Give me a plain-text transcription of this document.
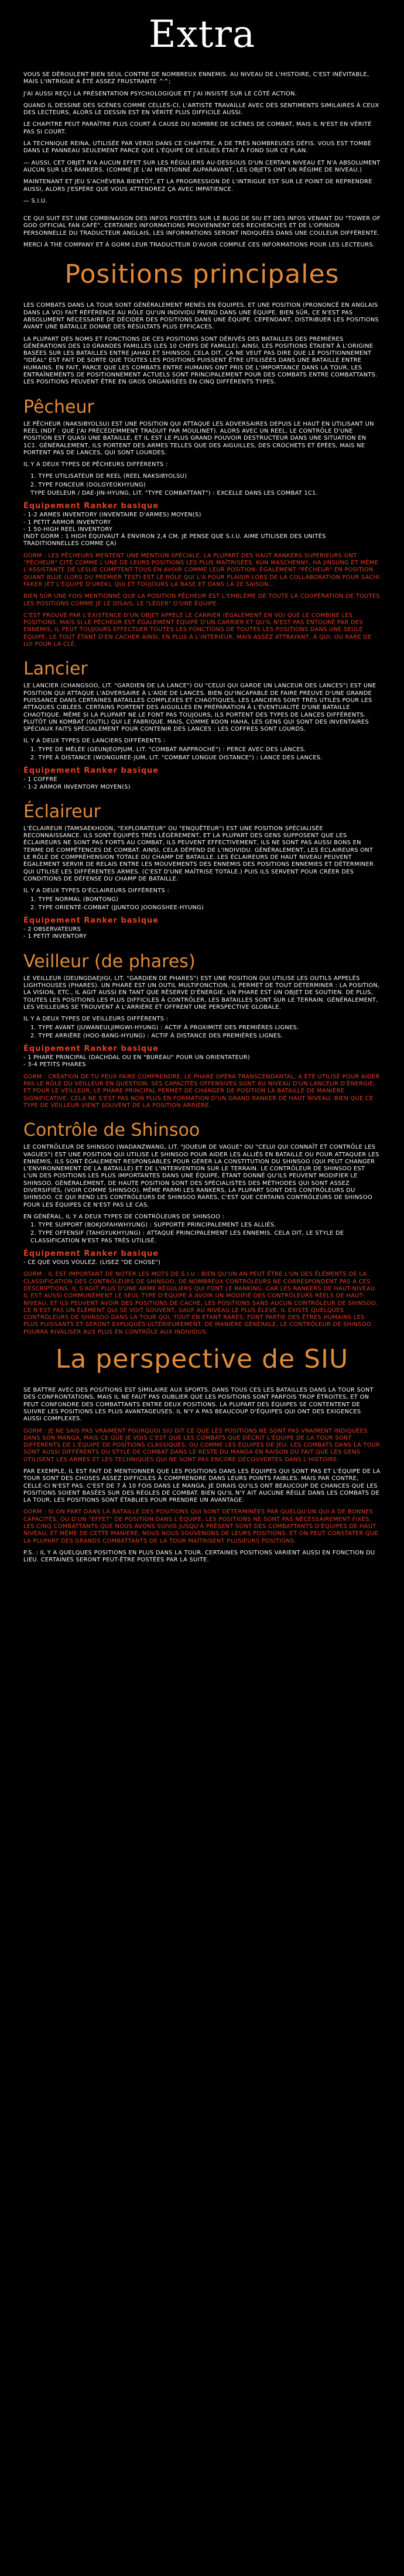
Extra

VOUS SE DÉROULENT BIEN SEUL CONTRE DE NOMBREUX ENNEMIS. AU NIVEAU DE L'HISTOIRE, C'EST INÉVITABLE, MAIS L'INTRIGUE A ÉTÉ ASSEZ FRUSTRANTE ^^;

J'AI AUSSI REÇU LA PRÉSENTATION PSYCHOLOGIQUE ET J'AI INSISTÉ SUR LE CÔTÉ ACTION.

QUAND IL DESSINE DES SCÈNES COMME CELLES-CI, L'ARTISTE TRAVAILLE AVEC DES SENTIMENTS SIMILAIRES À CEUX DES LECTEURS, ALORS LE DESSIN EST EN VÉRITÉ PLUS DIFFICILE AUSSI.

LE CHAPITRE PEUT PARAÎTRE PLUS COURT À CAUSE DU NOMBRE DE SCÈNES DE COMBAT, MAIS IL N'EST EN VÉRITÉ PAS SI COURT.

LA TECHNIQUE REINA, UTILISÉE PAR VERDI DANS CE CHAPITRE, A DE TRÈS NOMBREUSES DÉFIS. VOUS EST TOMBÉ DANS LE PANNEAU SEULEMENT PARCE QUE L'ÉQUIPE DE LESLIES ÉTAIT À FOND SUR CE PLAN.

— AUSSI, CET OBJET N'A AUCUN EFFET SUR LES RÉGULIERS AU-DESSOUS D'UN CERTAIN NIVEAU ET N'A ABSOLUMENT AUCUN SUR LES RANKERS. (COMME JE L'AI MENTIONNÉ AUPARAVANT, LES OBJETS ONT UN RÉGIME DE NIVEAU.)

MAINTENANT ET JEU S'ACHÈVERA BIENTÔT, ET LA PROGRESSION DE L'INTRIGUE EST SUR LE POINT DE REPRENDRE AUSSI, ALORS J'ESPÈRE QUE VOUS ATTENDREZ ÇA AVEC IMPATIENCE.

— S.I.U.

CE QUI SUIT EST UNE COMBINAISON DES INFOS POSTÉES SUR LE BLOG DE SIU ET DES INFOS VENANT DU "TOWER OF GOD OFFICIAL FAN CAFÉ". CERTAINES INFORMATIONS PROVIENNENT DES RECHERCHES ET DE L'OPINION PERSONNELLE DU TRADUCTEUR ANGLAIS, LES INFORMATIONS SERONT INDIQUÉES DANS UNE COULEUR DIFFÉRENTE.

MERCI À THE COMPANY ET À GORM LEUR TRADUCTEUR D'AVOIR COMPILÉ CES INFORMATIONS POUR LES LECTEURS.

Positions principales

LES COMBATS DANS LA TOUR SONT GÉNÉRALEMENT MENÉS EN ÉQUIPES, ET UNE POSITION (PRONONCÉ EN ANGLAIS DANS LA VO) FAIT RÉFÉRENCE AU RÔLE QU'UN INDIVIDU PREND DANS UNE ÉQUIPE. BIEN SÛR, CE N'EST PAS ABSOLUMENT NÉCESSAIRE DE DÉCIDER DES POSITIONS DANS UNE ÉQUIPE. CEPENDANT, DISTRIBUER LES POSITIONS AVANT UNE BATAILLE DONNE DES RÉSULTATS PLUS EFFICACES.

LA PLUPART DES NOMS ET FONCTIONS DE CES POSITIONS SONT DÉRIVÉS DES BATAILLES DES PREMIÈRES GÉNÉRATIONS DES 10 GRANDES FAMILLES (LES 10 CHEFS DE FAMILLE). AINSI, LES POSITIONS ÉTAIENT À L'ORIGINE BASÉES SUR LES BATAILLES ENTRE JAHAD ET SHINSOO. CELA DIT, ÇA NE VEUT PAS DIRE QUE LE POSITIONNEMENT "IDÉAL" EST FAIT DE SORTE QUE TOUTES LES POSITIONS PUISSENT ÊTRE UTILISÉES DANS UNE BATAILLE ENTRE HUMAINS. EN FAIT, PARCE QUE LES COMBATS ENTRE HUMAINS ONT PRIS DE L'IMPORTANCE DANS LA TOUR, LES ENTRAÎNEMENTS DE POSITIONNEMENT ACTUELS SONT PRINCIPALEMENT POUR DES COMBATS ENTRE COMBATTANTS. LES POSITIONS PEUVENT ÊTRE EN GROS ORGANISÉES EN CINQ DIFFÉRENTS TYPES.

Pêcheur

LE PÊCHEUR (NAKSIBYOLSU) EST UNE POSITION QUI ATTAQUE LES ADVERSAIRES DEPUIS LE HAUT EN UTILISANT UN REEL (NDT : QUE J'AI PRÉCÉDEMMENT TRADUIT PAR MOULINET). ALORS AVEC UN REEL, LE CONTRÔLE D'UNE POSITION EST QUASI UNE BATAILLE, ET IL EST LE PLUS GRAND POUVOIR DESTRUCTEUR DANS UNE SITUATION EN 1C1. GÉNÉRALEMENT, ILS PORTENT DES ARMES TELLES QUE DES AIGUILLES, DES CROCHETS ET ÉPÉES, MAIS NE PORTENT PAS DE LANCES, QUI SONT LOURDES.

IL Y A DEUX TYPES DE PÊCHEURS DIFFÉRENTS :

1. TYPE UTILISATEUR DE REEL (REEL NAKSIBYOLSU)

2. TYPE FONCEUR (DOLGYEOKHYUNG)

TYPE DUELEUR / DAE-JIN-HYUNG, LIT. "TYPE COMBATTANT") : EXCELLE DANS LES COMBAT 1C1.

Équipement Ranker basique

- 1-2 ARMES INVENTORY (INVENTAIRE D'ARMES) MOYEN(S)

- 1 PETIT ARMOR INVENTORY

- 1 50-HIGH REEL INVENTORY

(NDT GORM : 1 HIGH ÉQUIVAUT À ENVIRON 2,4 CM. JE PENSE QUE S.I.U. AIME UTILISER DES UNITÉS TRADITIONNELLES COMME ÇA)

GORM : LES PÊCHEURS MENTENT UNE MENTION SPÉCIALE. LA PLUPART DES HAUT RANKERS SUPÉRIEURS ONT "PÊCHEUR" CITÉ COMME L'UNE DE LEURS POSITIONS LES PLUS MAÎTRISÉES. KUN MASCHENNY, HA JINSUNG ET MÊME L'ASSISTANTE DE LESLIE COMPTENT TOUS EN AVOIR COMME LEUR POSITION. ÉGALEMENT "PÊCHEUR" EN POSITION QUANT BLUE (LORS DU PREMIER TEST) EST LE RÔLE QUI L'A POUR PLAISIR LORS DE LA COLLABORATION POUR SACHI FAKER (ET L'ÉQUIPE D'UREK), QUI ET TOUJOURS LA BASE ET DANS LA 2E SAISON...

BIEN SÛR UNE FOIS MENTIONNÉ QUE LA POSITION PÊCHEUR EST L'EMBLÈME DE TOUTE LA COOPÉRATION DE TOUTES LES POSITIONS COMME JE LE DISAIS, LE "LÉGER" D'UNE ÉQUIPE.

C'EST PROUVÉ PAR L'EXISTENCE D'UN OBJET APPELÉ LE CARRIER (ÉGALEMENT EN VO) QUE LE COMBINE LES POSITIONS. MAIS SI LE PÊCHEUR EST ÉGALEMENT ÉQUIPÉ D'UN CARRIER ET QU'IL N'EST PAS ENTOURÉ PAR DES ENNEMIS, IL PEUT TOUJOURS EFFECTUER TOUTES LES FONCTIONS DE TOUTES LES POSITIONS DANS UNE SEULE ÉQUIPE. LE TOUT ÉTANT D'EN CACHER AINSI, EN PLUS À L'INTÉRIEUR, MAIS ASSEZ ATTRAYANT, À QUI, OU RARE DE LUI POUR LA CLÉ.

Lancier

LE LANCIER (CHANGSOO, LIT. "GARDIEN DE LA LANCE") OU "CELUI QUI GARDE UN LANCEUR DES LANCES") EST UNE POSITION QUI ATTAQUE L'ADVERSAIRE À L'AIDE DE LANCES. BIEN QU'INCAPABLE DE FAIRE PREUVE D'UNE GRANDE PUISSANCE DANS CERTAINES BATAILLES COMPLEXES ET CHAOTIQUES, LES LANCIERS SONT TRÈS UTILES POUR LES ATTAQUES CIBLÉES. CERTAINS PORTENT DES AIGUILLES EN PRÉPARATION À L'ÉVENTUALITÉ D'UNE BATAILLE CHAOTIQUE. MÊME SI LA PLUPART NE LE FONT PAS TOUJOURS, ILS PORTENT DES TYPES DE LANCES DIFFÉRENTS. PLUTÔT UN KOMBAT (OUTIL) QUI LE FABRIQUE. MAIS, COMME KOON HAHA, LES GENS QUI SONT DES INVENTAIRES SPÉCIAUX FAITS SPÉCIALEMENT POUR CONTENIR DES LANCES : LES COFFRES SONT LOURDS.

IL Y A DEUX TYPES DE LANCIERS DIFFÉRENTS :

1. TYPE DE MÊLÉE (GEUNJEOPJUM, LIT. "COMBAT RAPPROCHÉ") : PERCE AVEC DES LANCES.

2. TYPE À DISTANCE (WONGUREE-JUM, LIT. "COMBAT LONGUE DISTANCE") : LANCE DES LANCES.

Équipement Ranker basique

- 1 COFFRE

- 1-2 ARMOR INVENTORY MOYEN(S)

Éclaireur

L'ÉCLAIREUR (TAMSAEKHOON, "EXPLORATEUR" OU "ENQUÊTEUR") EST UNE POSITION SPÉCIALISÉE RECONNAISSANCE. ILS SONT ÉQUIPÉS TRÈS LÉGÈREMENT, ET LA PLUPART DES GENS SUPPOSENT QUE LES ÉCLAIREURS NE SONT PAS FORTS AU COMBAT, ILS PEUVENT EFFECTIVEMENT, ILS NE SONT PAS AUSSI BONS EN TERME DE COMPÉTENCES DE COMBAT. AINSI, CELA DÉPEND DE L'INDIVIDU. GÉNÉRALEMENT, LES ÉCLAIREURS ONT LE RÔLE DE COMPRÉHENSION TOTALE DU CHAMP DE BATAILLE. LES ÉCLAIREURS DE HAUT NIVEAU PEUVENT ÉGALEMENT SERVIR DE RELAIS ENTRE LES MOUVEMENTS DES ENNEMIS DES POSITIONS ENNEMIES ET DÉTERMINER QUI UTILISE LES DIFFÉRENTES ARMES. (C'EST D'UNE MAÎTRISE TOTALE.) PUIS ILS SERVENT POUR CRÉER DES CONDITIONS DE DÉFENSE DU CHAMP DE BATAILLE.

IL Y A DEUX TYPES D'ÉCLAIREURS DIFFÉRENTS :

1. TYPE NORMAL (BONTONG)

2. TYPE ORIENTÉ-COMBAT (JJUNTOO JOONGSHEE-HYUNG)

Équipement Ranker basique

- 2 OBSERVATEURS

- 1 PETIT INVENTORY

Veilleur (de phares)

LE VEILLEUR (DEUNGDAEJIGI, LIT. "GARDIEN DE PHARES") EST UNE POSITION QUI UTILISE LES OUTILS APPELÉS LIGHTHOUSES (PHARES). UN PHARE EST UN OUTIL MULTIFONCTION, IL PERMET DE TOUT DÉTERMINER : LA POSITION, LA VISION, ETC., IL AGIT AUSSI EN TANT QUE RÉSERVE D'ÉNERGIE. UN PHARE EST UN OBJET DE SOUTIEN. DE PLUS, TOUTES LES POSITIONS LES PLUS DIFFICILES À CONTRÔLER, LES BATAILLES SONT SUR LE TERRAIN. GÉNÉRALEMENT, LES VEILLEURS SE TROUVENT À L'ARRIÈRE ET OFFRENT UNE PERSPECTIVE GLOBALE.

IL Y A DEUX TYPES DE VEILLEURS DIFFÉRENTS :

1. TYPE AVANT (JUWANEULJIMGWI-HYUNG) : ACTIF À PROXIMITÉ DES PREMIÈRES LIGNES.

2. TYPE ARRIÈRE (HOO-BANG-HYUNG) : ACTIF À DISTANCE DES PREMIÈRES LIGNES.

Équipement Ranker basique

- 1 PHARE PRINCIPAL (DACHDAL OU EN "BUREAU" POUR UN ORIENTATEUR)

- 3-4 PETITS PHARES

GORM : CRÉATION DE TU PEUX FAIRE COMPRENDRE, LE PHARE OPÉRA TRANSCENDANTAL, A ÉTÉ UTILISÉ POUR AIDER PAS LE RÔLE DU VEILLEUR EN QUESTION. SES CAPACITÉS OFFENSIVES SONT AU NIVEAU D'UN LANCEUR D'ÉNERGIE, ET POUR LE VEILLEUR, LE PHARE PRINCIPAL PERMET DE CHANGER DE POSITION LA BATAILLE DE MANIÈRE SIGNIFICATIVE. CELA NE S'EST PAS NON PLUS EN FORMATION D'UN GRAND RANKER DE HAUT NIVEAU. BIEN QUE CE TYPE DE VEILLEUR VIENT SOUVENT DE LA POSITION ARRIÈRE.

Contrôle de Shinsoo

LE CONTRÔLEUR DE SHINSOO (WADANZWANG, LIT. "JOUEUR DE VAGUE" OU "CELUI QUI CONNAÎT ET CONTRÔLE LES VAGUES") EST UNE POSITION QUI UTILISE LE SHINSOO POUR AIDER LES ALLIÉS EN BATAILLE OU POUR ATTAQUER LES ENNEMIS. ILS SONT ÉGALEMENT RESPONSABLES POUR GÉRER LA CONSTITUTION DU SHINSOO (QUI PEUT CHANGER L'ENVIRONNEMENT DE LA BATAILLE) ET DE L'INTERVENTION SUR LE TERRAIN. LE CONTRÔLEUR DE SHINSOO EST L'UN DES POSITIONS LES PLUS IMPORTANTES DANS UNE ÉQUIPE, ÉTANT DONNÉ QU'ILS PEUVENT MODIFIER LE SHINSOO. GÉNÉRALEMENT, DE HAUTE POSITION SONT DES SPÉCIALISTES DES MÉTHODES QUI SONT ASSEZ DIVERSIFIÉS, (VOIR COMME SHINSOO). MÊME PARMI LES RANKERS, LA PLUPART SONT DES CONTRÔLEURS DU SHINSOO. CE QUI REND LES CONTRÔLEURS DE SHINSOO RARES, C'EST QUE CERTAINS CONTRÔLEURS DE SHINSOO POUR LES ÉQUIPES CE N'EST PAS LE CAS.

EN GÉNÉRAL, IL Y A DEUX TYPES DE CONTRÔLEURS DE SHINSOO :

1. TYPE SUPPORT (BOKJOFAHWHYUNG) : SUPPORTE PRINCIPALEMENT LES ALLIÉS.

2. TYPE OFFENSIF (TAHGYUKHYUNG) : ATTAQUE PRINCIPALEMENT LES ENNEMIS. CELA DIT, LE STYLE DE CLASSIFICATION N'EST PAS TRÈS UTILISÉ.

Équipement Ranker basique

- CE QUE VOUS VOULEZ. (LISEZ "DE CHOSE")

GORM : IL EST IMPORTANT DE NOTER LES MOTS DE S.I.U : BIEN QU'UN AN PEUT ÊTRE L'UN DES ÉLÉMENTS DE LA CLASSIFICATION DES CONTRÔLEURS DE SHINSOO, DE NOMBREUX CONTRÔLEURS NE CORRESPONDENT PAS À CES DESCRIPTIONS. IL S'AGIT PLUS D'UNE ARME RÉGULIERS QUI FONT LE RANKING, CAR LES RANKERS DE HAUT-NIVEAU. IL EST AUSSI COMMUNÉMENT LE SEUL TYPE D'ÉQUIPE À AVOIR UN MODIFIÉ DES CONTRÔLEURS RÉELS DE HAUT-NIVEAU, ET ILS PEUVENT AVOIR DES POSITIONS DE CACHE, LES POSITIONS SANS AUCUN CONTRÔLEUR DE SHINSOO. CE N'EST PAS UN ÉLÉMENT QUI SE VOIT SOUVENT, SAUF AU NIVEAU LE PLUS ÉLEVÉ. IL EXISTE QUELQUES CONTRÔLEURS DE SHINSOO DANS LA TOUR QUI, TOUT EN ÉTANT RARES, FONT PARTIE DES ÊTRES HUMAINS LES PLUS PUISSANTS ET SERONT EXPLIQUÉS ULTÉRIEUREMENT. DE MANIÈRE GÉNÉRALE, LE CONTRÔLEUR DE SHINSOO POURRA RIVALISER AUX PLUS EN CONTRÔLE AUX INDIVIDUS.

La perspective de SIU

SE BATTRE AVEC DES POSITIONS EST SIMILAIRE AUX SPORTS. DANS TOUS CES LES BATAILLES DANS LA TOUR SONT DES CONFRONTATIONS, MAIS IL NE FAUT PAS OUBLIER QUE LES POSITIONS SONT PARFOIS TROP ÉTROITES, ET ON PEUT CONFONDRE DES COMBATTANTS ENTRE DEUX POSITIONS. LA PLUPART DES ÉQUIPES SE CONTENTENT DE SUIVRE LES POSITIONS LES PLUS AVANTAGEUSES. IL N'Y A PAS BEAUCOUP D'ÉQUIPES QUI ONT DES EXIGENCES AUSSI COMPLEXES.

GORM : JE NE SAIS PAS VRAIMENT POURQUOI SIU DIT CE QUE LES POSITIONS NE SONT PAS VRAIMENT INDIQUÉES DANS SON MANGA, MAIS CE QUE JE VOIS C'EST QUE LES COMBATS QUE DÉCRIT L'ÉQUIPE DE LA TOUR SONT DIFFÉRENTS DE L'ÉQUIPE DE POSITIONS CLASSIQUES, OU COMME LES ÉQUIPES DE JEU. LES COMBATS DANS LA TOUR SONT AUSSI DIFFÉRENTS DU STYLE DE COMBAT DANS LE RESTE DU MANGA EN RAISON DU FAIT QUE LES GENS UTILISENT LES ARMES ET LES TECHNIQUES QUI NE SONT PAS ENCORE DÉCOUVERTES DANS L'HISTOIRE.

PAR EXEMPLE, IL EST FAIT DE MENTIONNER QUE LES POSITIONS DANS LES ÉQUIPES QUI SONT PAS ET L'ÉQUIPE DE LA TOUR SONT DES CHOSES ASSEZ DIFFICILES À COMPRENDRE DANS LEURS POINTS FAIBLES. MAIS PAR CONTRE, CELLE-CI N'EST PAS. C'EST DE 7 À 10 FOIS DANS LE MANGA, JE DIRAIS QU'ILS ONT BEAUCOUP DE CHANCES QUE LES POSITIONS SOIENT BASÉES SUR DES RÈGLES DE COMBAT. BIEN QU'IL N'Y AIT AUCUNE RÈGLE DANS LES COMBATS DE LA TOUR, LES POSITIONS SONT ÉTABLIES POUR PRENDRE UN AVANTAGE.

GORM : SI ON PART DANS LA BATAILLE DES POSITIONS QUI SONT DÉTERMINÉES PAR QUELQU'UN QUI A DE BONNES CAPACITÉS, OU D'UN "EFFET" DE POSITION DANS L'ÉQUIPE, LES POSITIONS NE SONT PAS NÉCESSAIREMENT FIXES. LES CINQ COMBATTANTS QUE NOUS AVONS SUIVIS JUSQU'À PRÉSENT SONT DES COMBATTANTS D'ÉQUIPES DE HAUT NIVEAU, ET MÊME DE CETTE MANIÈRE, NOUS NOUS SOUVENONS DE LEURS POSITIONS. ET ON PEUT CONSTATER QUE LA PLUPART DES GRANDS COMBATTANTS DE LA TOUR MAÎTRISENT PLUSIEURS POSITIONS.

P.S. : IL Y A QUELQUES POSITIONS EN PLUS DANS LA TOUR. CERTAINES POSITIONS VARIENT AUSSI EN FONCTION DU LIEU. CERTAINES SERONT PEUT-ÊTRE POSTÉES PAR LA SUITE.
